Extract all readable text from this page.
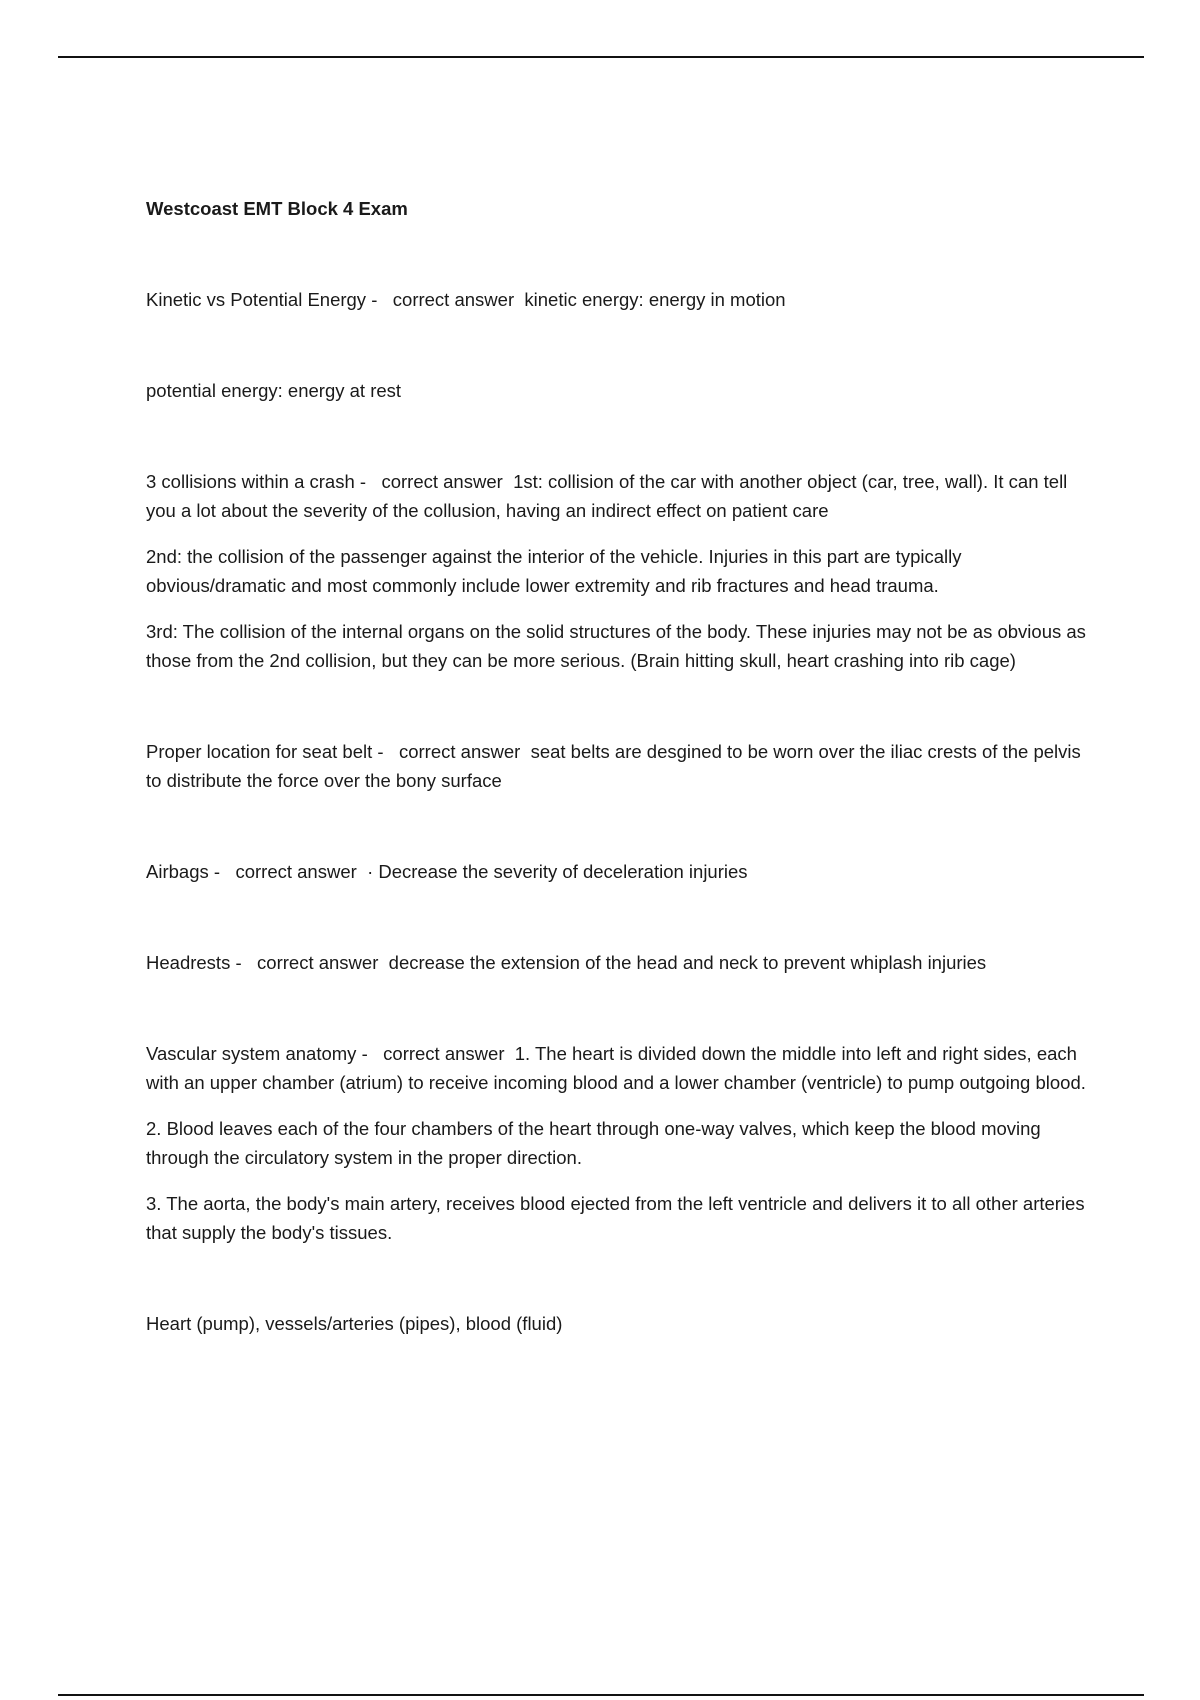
Westcoast EMT Block 4 Exam
Kinetic vs Potential Energy -   correct answer  kinetic energy: energy in motion
potential energy: energy at rest
3 collisions within a crash -   correct answer  1st: collision of the car with another object (car, tree, wall). It can tell you a lot about the severity of the collusion, having an indirect effect on patient care
2nd: the collision of the passenger against the interior of the vehicle. Injuries in this part are typically obvious/dramatic and most commonly include lower extremity and rib fractures and head trauma.
3rd: The collision of the internal organs on the solid structures of the body. These injuries may not be as obvious as those from the 2nd collision, but they can be more serious. (Brain hitting skull, heart crashing into rib cage)
Proper location for seat belt -   correct answer  seat belts are desgined to be worn over the iliac crests of the pelvis to distribute the force over the bony surface
Airbags -   correct answer  · Decrease the severity of deceleration injuries
Headrests -   correct answer  decrease the extension of the head and neck to prevent whiplash injuries
Vascular system anatomy -   correct answer  1. The heart is divided down the middle into left and right sides, each with an upper chamber (atrium) to receive incoming blood and a lower chamber (ventricle) to pump outgoing blood.
2. Blood leaves each of the four chambers of the heart through one-way valves, which keep the blood moving through the circulatory system in the proper direction.
3. The aorta, the body's main artery, receives blood ejected from the left ventricle and delivers it to all other arteries that supply the body's tissues.
Heart (pump), vessels/arteries (pipes), blood (fluid)
